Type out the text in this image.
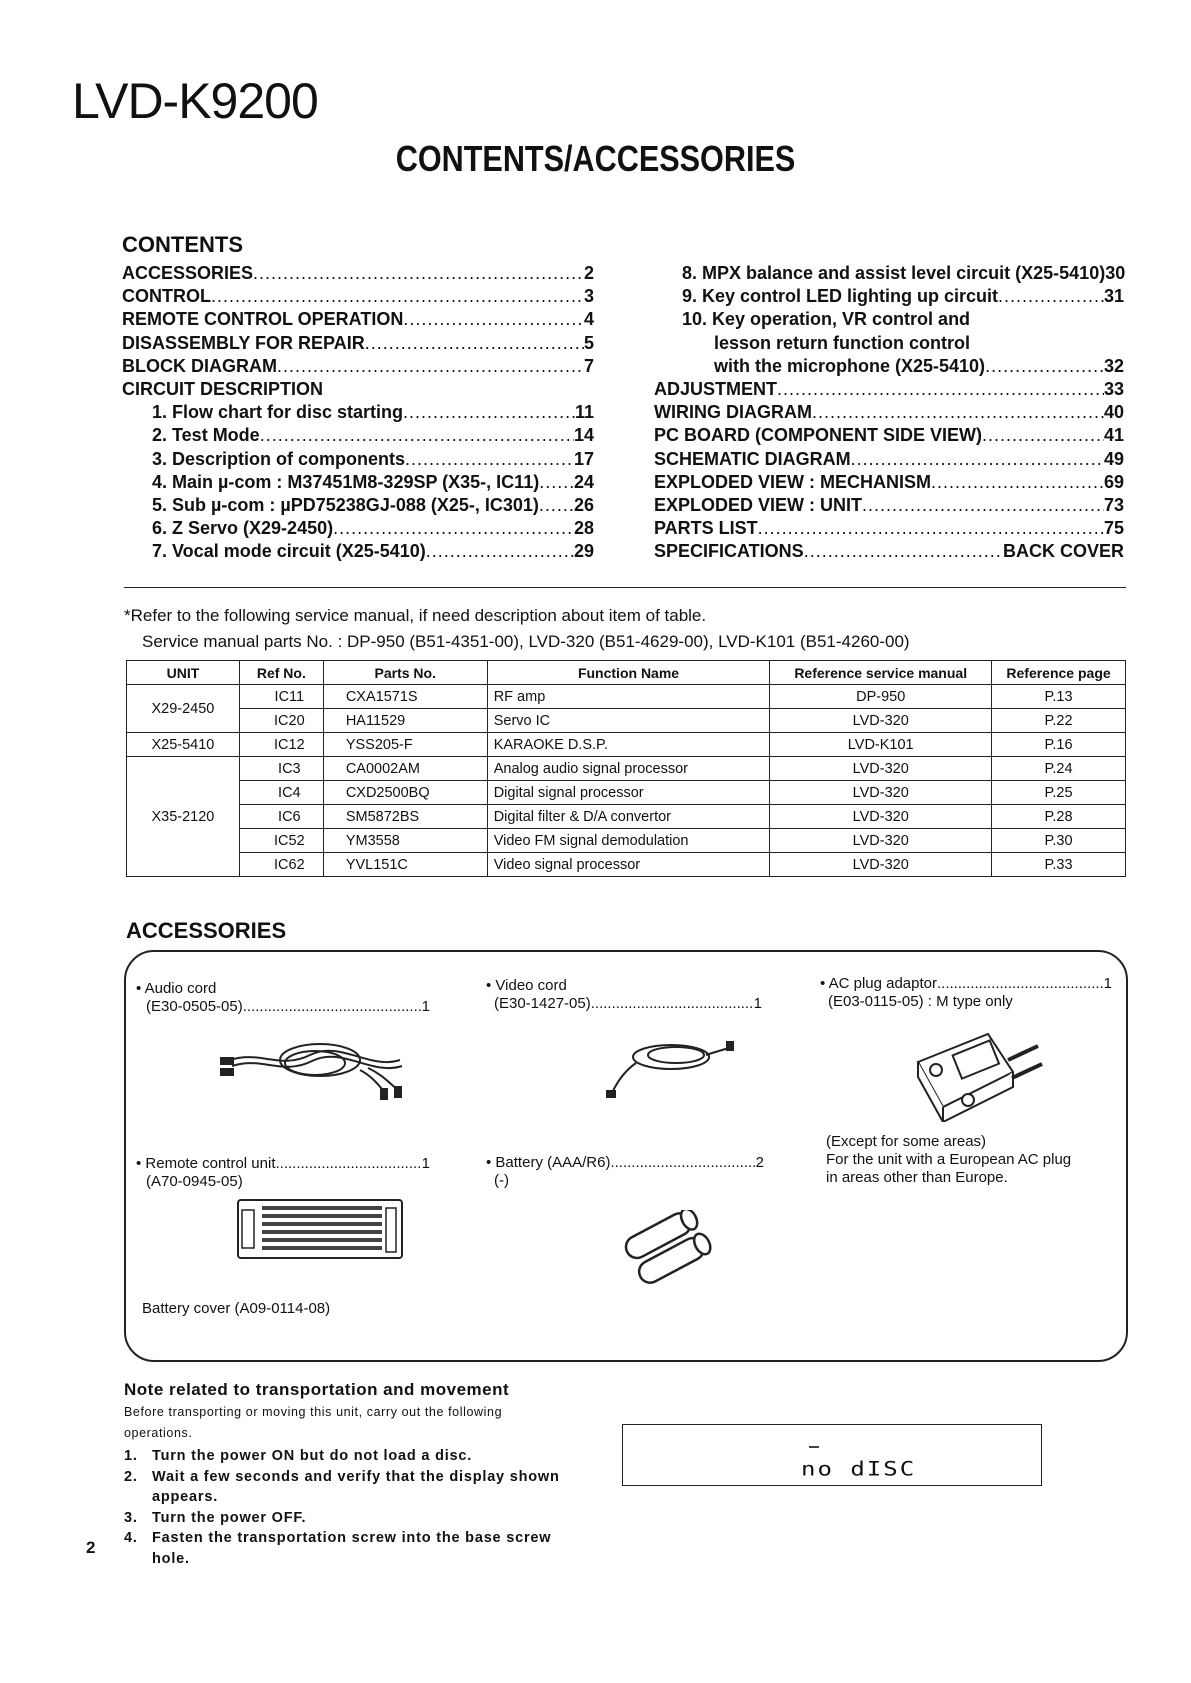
LVD-K9200
CONTENTS/ACCESSORIES
CONTENTS
ACCESSORIES .....	2
CONTROL .....	3
REMOTE CONTROL OPERATION .....	4
DISASSEMBLY FOR REPAIR .....	5
BLOCK DIAGRAM .....	7
CIRCUIT DESCRIPTION
1. Flow chart for disc starting .....	11
2. Test Mode .....	14
3. Description of components .....	17
4. Main µ-com : M37451M8-329SP (X35-, IC11) ..... 24
5. Sub µ-com : µPD75238GJ-088 (X25-, IC301) ..... 26
6. Z Servo (X29-2450) .....	28
7. Vocal mode circuit (X25-5410) .....	29
8. MPX balance and assist level circuit (X25-5410) 30
9. Key control LED lighting up circuit .....	31
10. Key operation, VR control and
lesson return function control
with the microphone (X25-5410) .....	32
ADJUSTMENT .....	33
WIRING DIAGRAM .....	40
PC BOARD (COMPONENT SIDE VIEW) .....	41
SCHEMATIC DIAGRAM .....	49
EXPLODED VIEW : MECHANISM .....	69
EXPLODED VIEW : UNIT .....	73
PARTS LIST .....	75
SPECIFICATIONS .....	BACK COVER
*Refer to the following service manual, if need description about item of table.
Service manual parts No. : DP-950 (B51-4351-00), LVD-320 (B51-4629-00), LVD-K101 (B51-4260-00)
UNIT	Ref No.	Parts No.	Function Name	Reference service manual	Reference page
X29-2450	IC11	CXA1571S	RF amp	DP-950	P.13
	IC20	HA11529	Servo IC	LVD-320	P.22
X25-5410	IC12	YSS205-F	KARAOKE D.S.P.	LVD-K101	P.16
X35-2120	IC3	CA0002AM	Analog audio signal processor	LVD-320	P.24
	IC4	CXD2500BQ	Digital signal processor	LVD-320	P.25
	IC6	SM5872BS	Digital filter & D/A convertor	LVD-320	P.28
	IC52	YM3558	Video FM signal demodulation	LVD-320	P.30
	IC62	YVL151C	Video signal processor	LVD-320	P.33
ACCESSORIES
• Audio cord
(E30-0505-05) .....	1
• Video cord
(E30-1427-05) .....	1
• AC plug adaptor .....	1
(E03-0115-05) : M type only
(Except for some areas)
For the unit with a European AC plug
in areas other than Europe.
• Remote control unit .....	1
(A70-0945-05)
Battery cover (A09-0114-08)
• Battery (AAA/R6) .....	2
(-)
Note related to transportation and movement
Before transporting or moving this unit, carry out the following operations.
1. Turn the power ON but do not load a disc.
2. Wait a few seconds and verify that the display shown appears.
3. Turn the power OFF.
4. Fasten the transportation screw into the base screw hole.
no dISC
2
